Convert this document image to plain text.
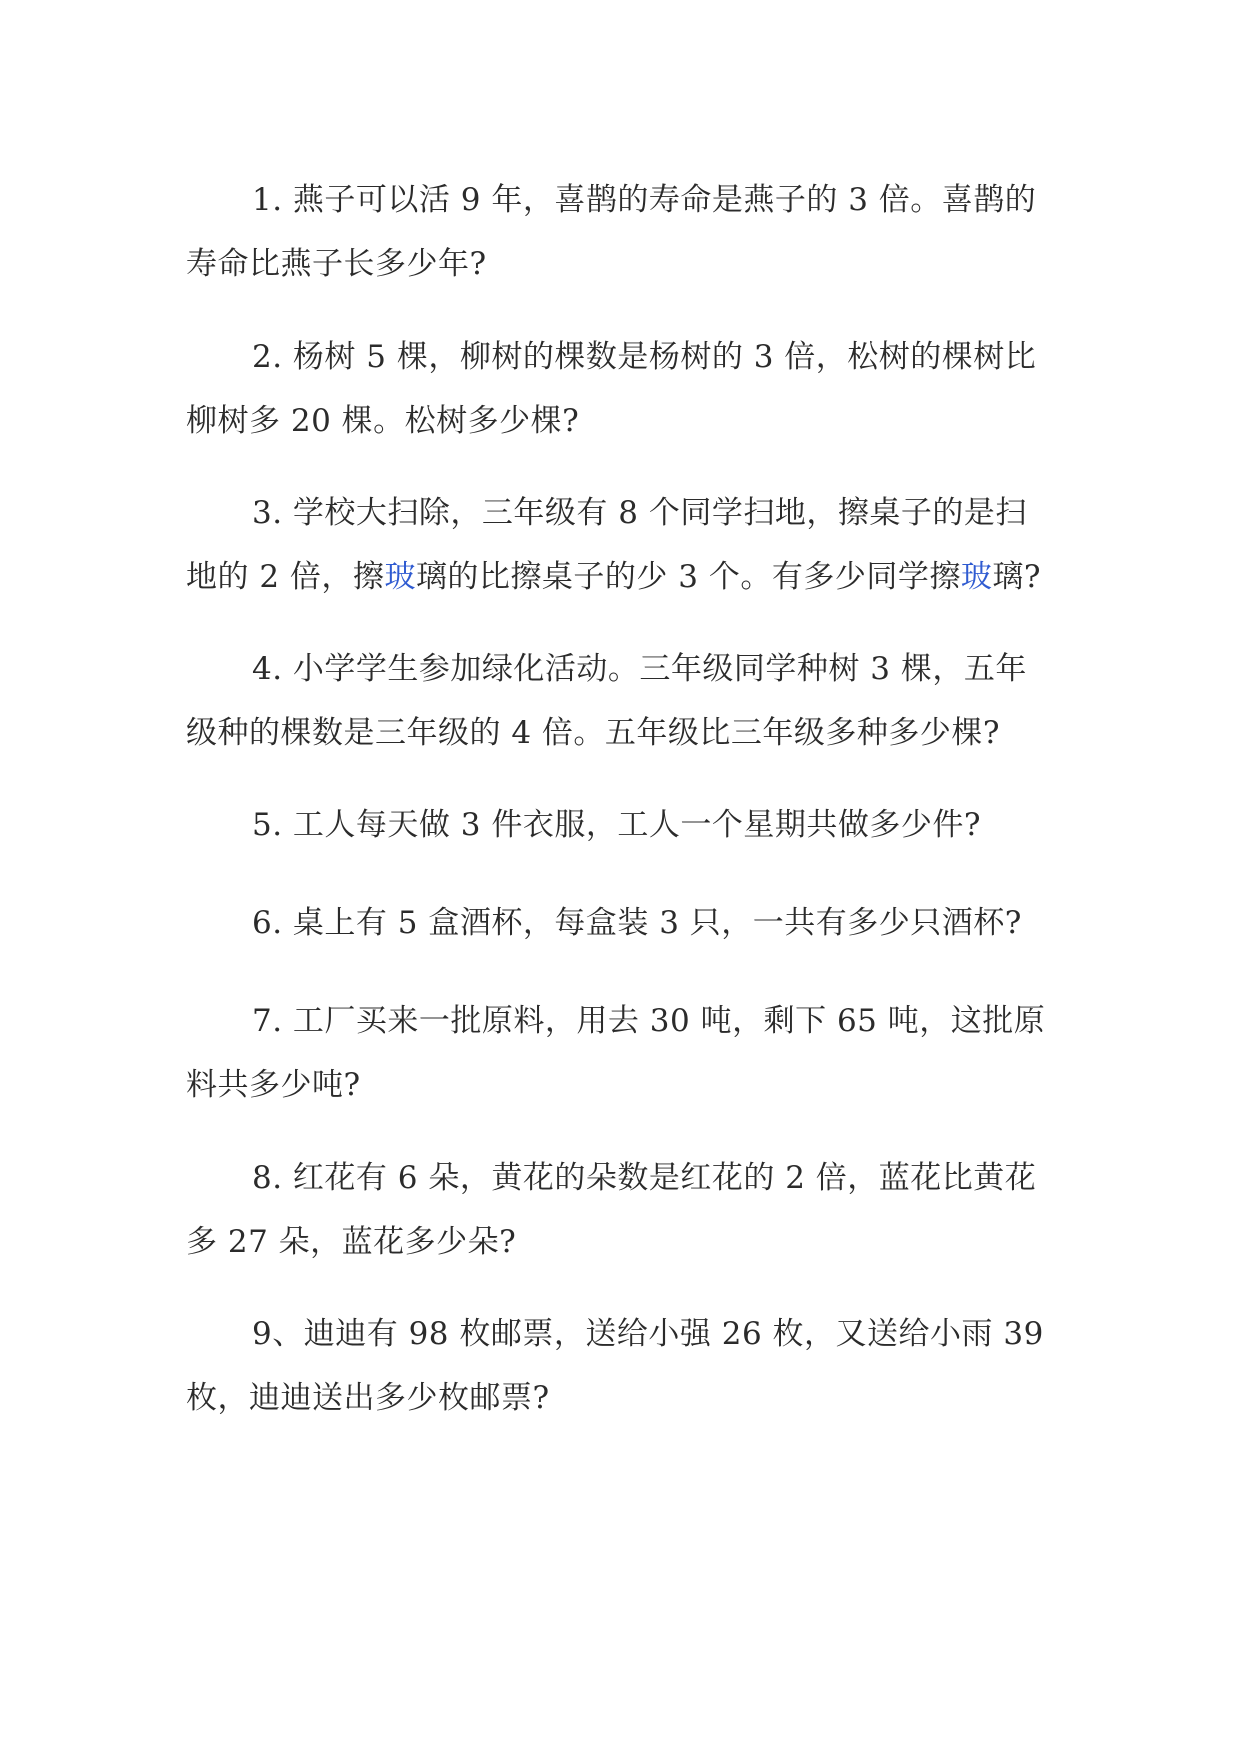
1. 燕子可以活 9 年，喜鹊的寿命是燕子的 3 倍。喜鹊的
寿命比燕子长多少年?
2. 杨树 5 棵，柳树的棵数是杨树的 3 倍，松树的棵树比
柳树多 20 棵。松树多少棵?
3. 学校大扫除，三年级有 8 个同学扫地，擦桌子的是扫
地的 2 倍，擦玻璃的比擦桌子的少 3 个。有多少同学擦玻璃?
4. 小学学生参加绿化活动。三年级同学种树 3 棵，五年
级种的棵数是三年级的 4 倍。五年级比三年级多种多少棵?
5. 工人每天做 3 件衣服，工人一个星期共做多少件?
6. 桌上有 5 盒酒杯，每盒装 3 只，一共有多少只酒杯?
7. 工厂买来一批原料，用去 30 吨，剩下 65 吨，这批原
料共多少吨?
8. 红花有 6 朵，黄花的朵数是红花的 2 倍，蓝花比黄花
多 27 朵，蓝花多少朵?
9、迪迪有 98 枚邮票，送给小强 26 枚，又送给小雨 39
枚，迪迪送出多少枚邮票?
